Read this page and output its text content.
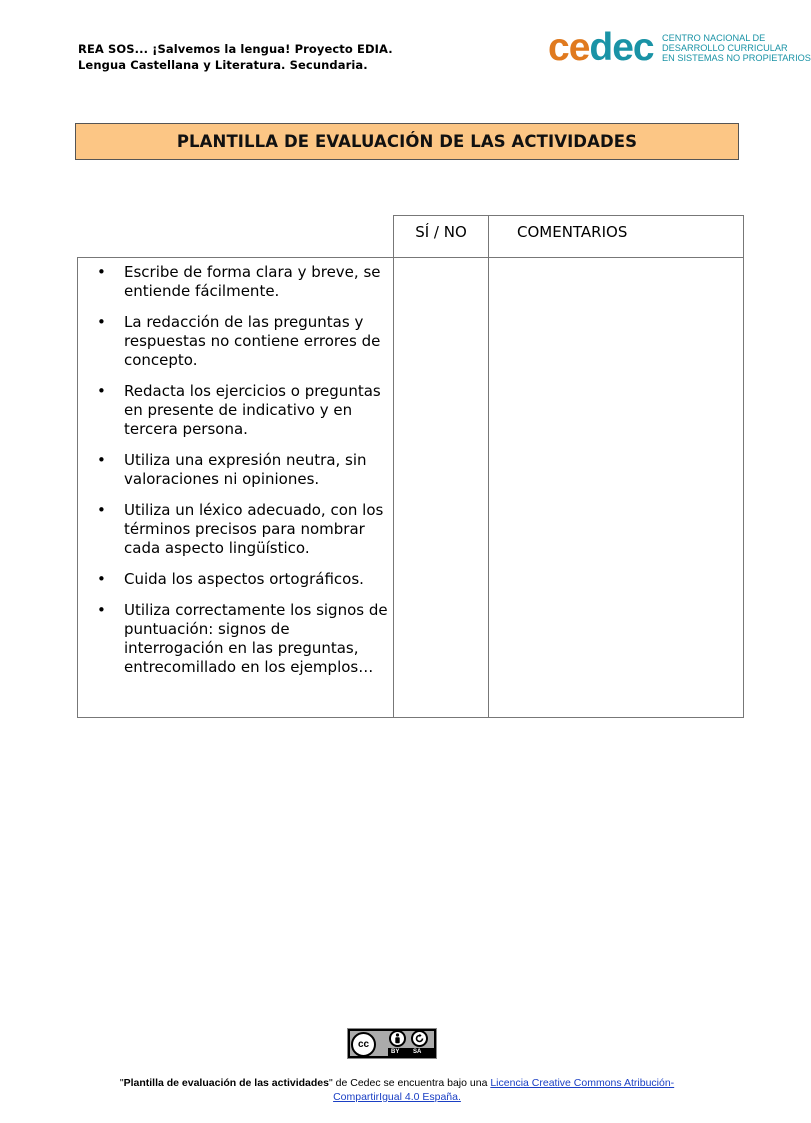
REA SOS... ¡Salvemos la lengua! Proyecto EDIA.
Lengua Castellana y Literatura. Secundaria.	cedec CENTRO NACIONAL DE
DESARROLLO CURRICULAR
EN SISTEMAS NO PROPIETARIOS
PLANTILLA DE EVALUACIÓN DE LAS ACTIVIDADES
SÍ / NO	COMENTARIOS
• Escribe de forma clara y breve, se entiende fácilmente.
• La redacción de las preguntas y respuestas no contiene errores de concepto.
• Redacta los ejercicios o preguntas en presente de indicativo y en tercera persona.
• Utiliza una expresión neutra, sin valoraciones ni opiniones.
• Utiliza un léxico adecuado, con los términos precisos para nombrar cada aspecto lingüístico.
• Cuida los aspectos ortográficos.
• Utiliza correctamente los signos de puntuación: signos de interrogación en las preguntas, entrecomillado en los ejemplos…
cc
BY SA
"Plantilla de evaluación de las actividades" de Cedec se encuentra bajo una Licencia Creative Commons Atribución-
CompartirIgual 4.0 España.
